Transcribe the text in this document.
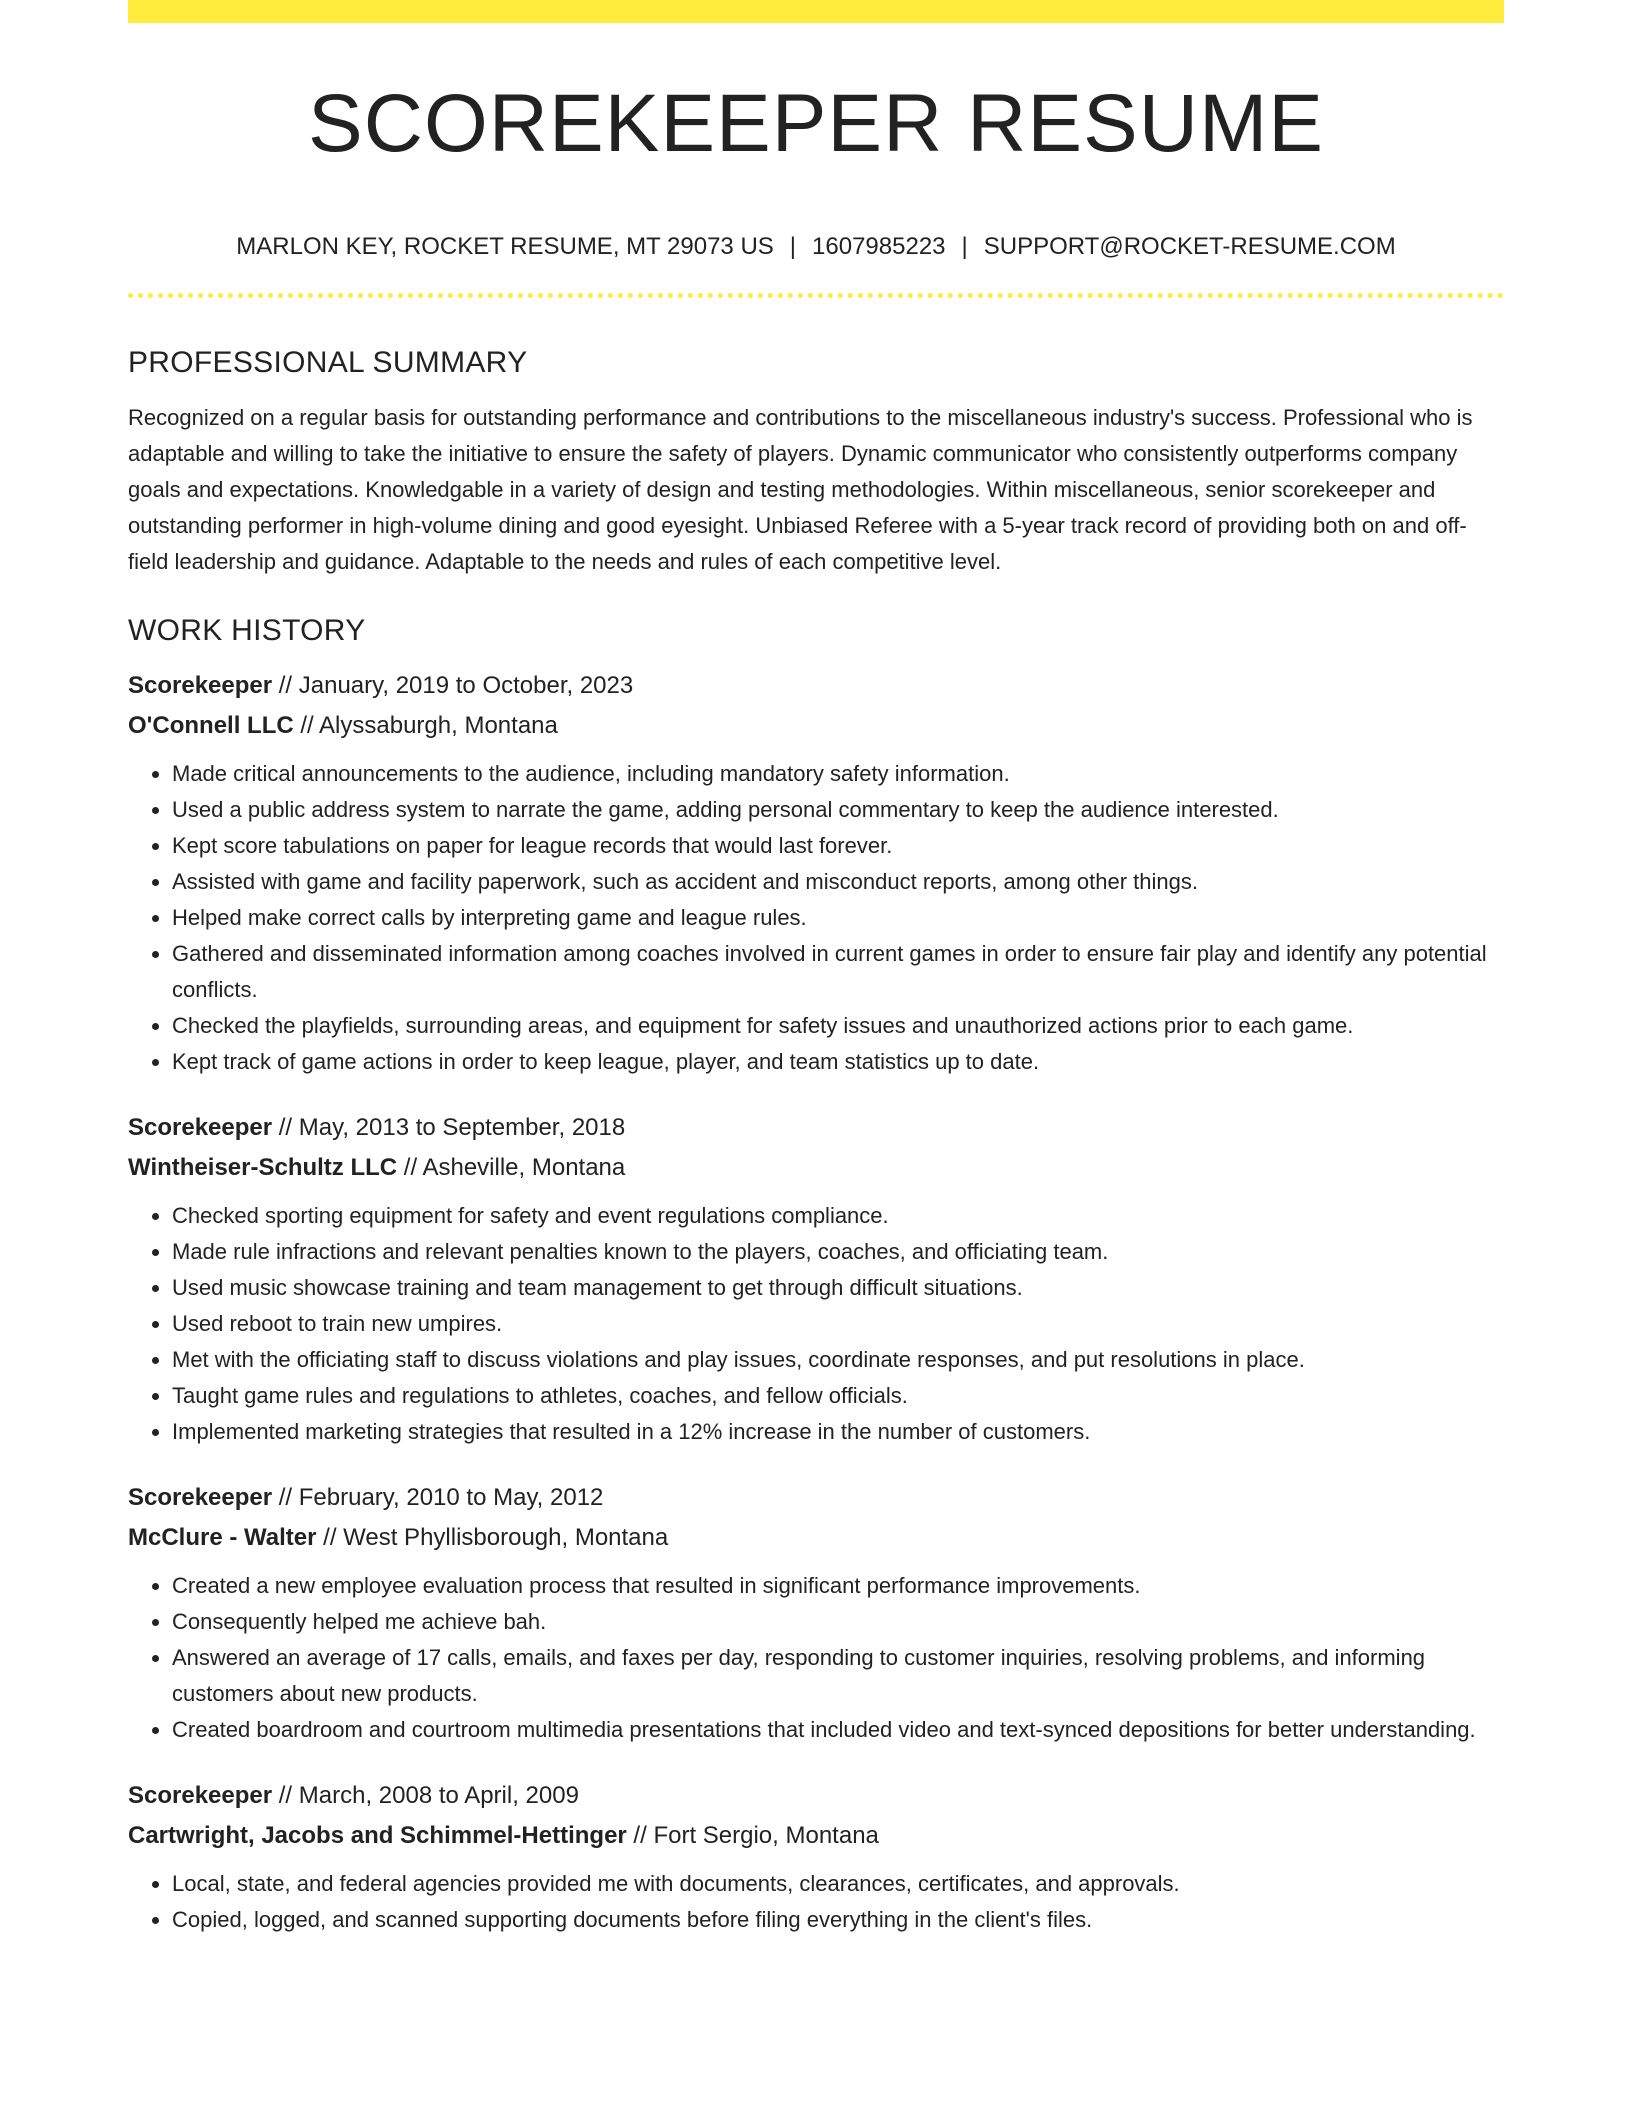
SCOREKEEPER RESUME
MARLON KEY, ROCKET RESUME, MT 29073 US | 1607985223 | SUPPORT@ROCKET-RESUME.COM
PROFESSIONAL SUMMARY

Recognized on a regular basis for outstanding performance and contributions to the miscellaneous industry's success. Professional who is adaptable and willing to take the initiative to ensure the safety of players. Dynamic communicator who consistently outperforms company goals and expectations. Knowledgable in a variety of design and testing methodologies. Within miscellaneous, senior scorekeeper and outstanding performer in high-volume dining and good eyesight. Unbiased Referee with a 5-year track record of providing both on and off-field leadership and guidance. Adaptable to the needs and rules of each competitive level.

WORK HISTORY
Scorekeeper // January, 2019 to October, 2023
O'Connell LLC // Alyssaburgh, Montana
• Made critical announcements to the audience, including mandatory safety information.
• Used a public address system to narrate the game, adding personal commentary to keep the audience interested.
• Kept score tabulations on paper for league records that would last forever.
• Assisted with game and facility paperwork, such as accident and misconduct reports, among other things.
• Helped make correct calls by interpreting game and league rules.
• Gathered and disseminated information among coaches involved in current games in order to ensure fair play and identify any potential conflicts.
• Checked the playfields, surrounding areas, and equipment for safety issues and unauthorized actions prior to each game.
• Kept track of game actions in order to keep league, player, and team statistics up to date.
Scorekeeper // May, 2013 to September, 2018
Wintheiser-Schultz LLC // Asheville, Montana
• Checked sporting equipment for safety and event regulations compliance.
• Made rule infractions and relevant penalties known to the players, coaches, and officiating team.
• Used music showcase training and team management to get through difficult situations.
• Used reboot to train new umpires.
• Met with the officiating staff to discuss violations and play issues, coordinate responses, and put resolutions in place.
• Taught game rules and regulations to athletes, coaches, and fellow officials.
• Implemented marketing strategies that resulted in a 12% increase in the number of customers.
Scorekeeper // February, 2010 to May, 2012
McClure - Walter // West Phyllisborough, Montana
• Created a new employee evaluation process that resulted in significant performance improvements.
• Consequently helped me achieve bah.
• Answered an average of 17 calls, emails, and faxes per day, responding to customer inquiries, resolving problems, and informing customers about new products.
• Created boardroom and courtroom multimedia presentations that included video and text-synced depositions for better understanding.
Scorekeeper // March, 2008 to April, 2009
Cartwright, Jacobs and Schimmel-Hettinger // Fort Sergio, Montana
• Local, state, and federal agencies provided me with documents, clearances, certificates, and approvals.
• Copied, logged, and scanned supporting documents before filing everything in the client's files.
